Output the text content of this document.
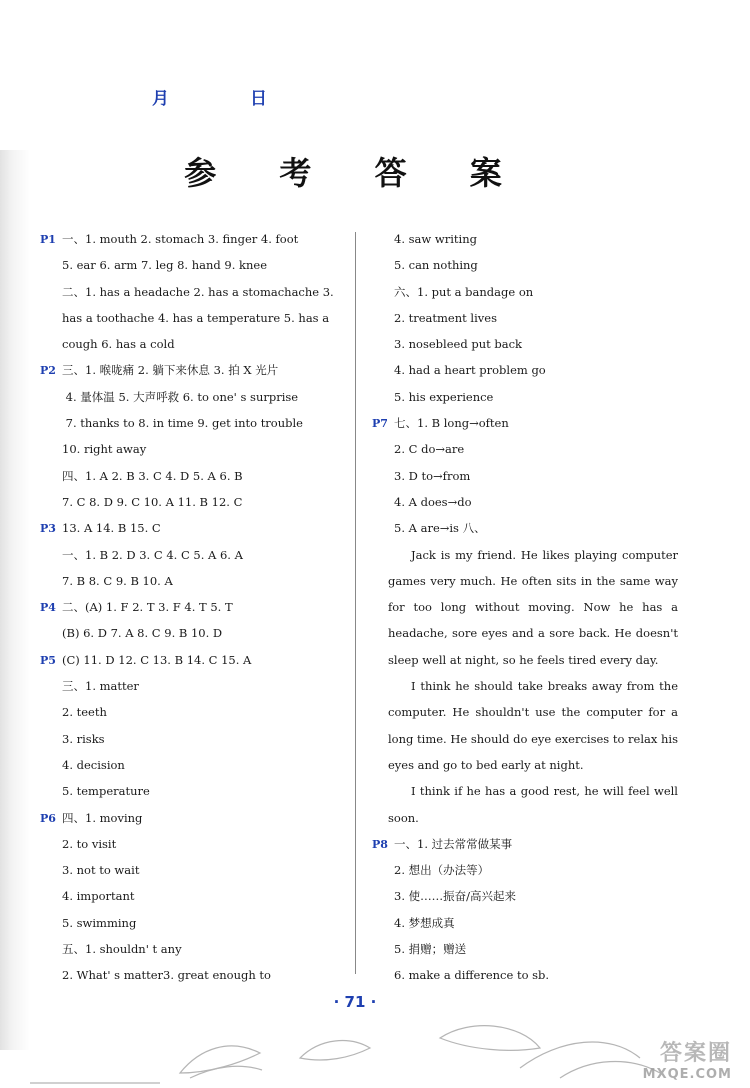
月	日
参 考 答 案
P1 一、1. mouth 2. stomach 3. finger 4. foot
5. ear 6. arm 7. leg 8. hand 9. knee
二、1. has a headache 2. has a stomachache 3.
has a toothache 4. has a temperature 5. has a
cough 6. has a cold
P2 三、1. 喉咙痛 2. 躺下来休息 3. 拍 X 光片
4. 量体温 5. 大声呼救 6. to one' s surprise
7. thanks to 8. in time 9. get into trouble
10. right away
四、1. A 2. B 3. C 4. D 5. A 6. B
7. C 8. D 9. C 10. A 11. B 12. C
P3 13. A 14. B 15. C
一、1. B 2. D 3. C 4. C 5. A 6. A
7. B 8. C 9. B 10. A
P4 二、(A) 1. F 2. T 3. F 4. T 5. T
(B) 6. D 7. A 8. C 9. B 10. D
P5 (C) 11. D 12. C 13. B 14. C 15. A
三、1. matter
2. teeth
3. risks
4. decision
5. temperature
P6 四、1. moving
2. to visit
3. not to wait
4. important
5. swimming
五、1. shouldn' t any
2. What' s matter3. great enough to
4. saw writing
5. can nothing
六、1. put a bandage on
2. treatment lives
3. nosebleed put back
4. had a heart problem go
5. his experience
P7 七、1. B long→often
2. C do→are
3. D to→from
4. A does→do
5. A are→is 八、
Jack is my friend. He likes playing computer games very much. He often sits in the same way for too long without moving. Now he has a headache, sore eyes and a sore back. He doesn't sleep well at night, so he feels tired every day.
I think he should take breaks away from the computer. He shouldn't use the computer for a long time. He should do eye exercises to relax his eyes and go to bed early at night.
I think if he has a good rest, he will feel well soon.
P8 一、1. 过去常常做某事
2. 想出（办法等）
3. 使……振奋/高兴起来
4. 梦想成真
5. 捐赠；赠送
6. make a difference to sb.
· 71 ·
答案圈
MXQE.COM
